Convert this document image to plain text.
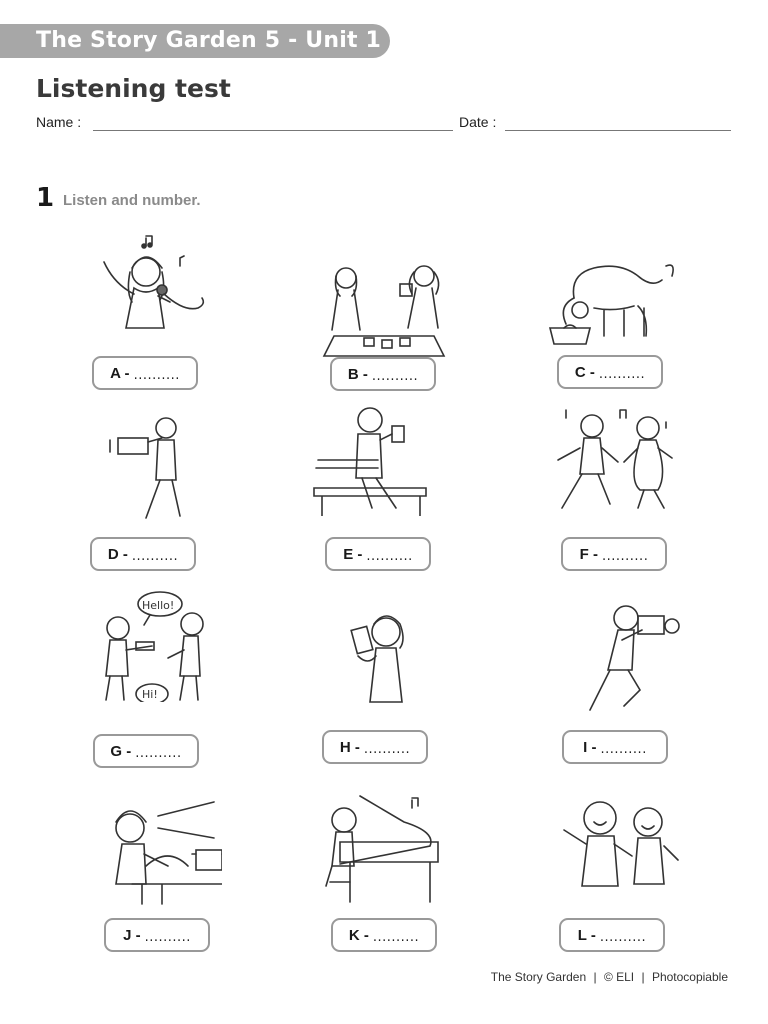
The Story Garden 5 - Unit 1
Listening test
Name :	Date :
1 Listen and number.
A - ..........	B - ..........	C - ..........
D - ..........	E - ..........	F - ..........
Hello!
Hi!
G - ..........	H - ..........	I - ..........
J - ..........	K - ..........	L - ..........
The Story Garden | © ELI | Photocopiable
